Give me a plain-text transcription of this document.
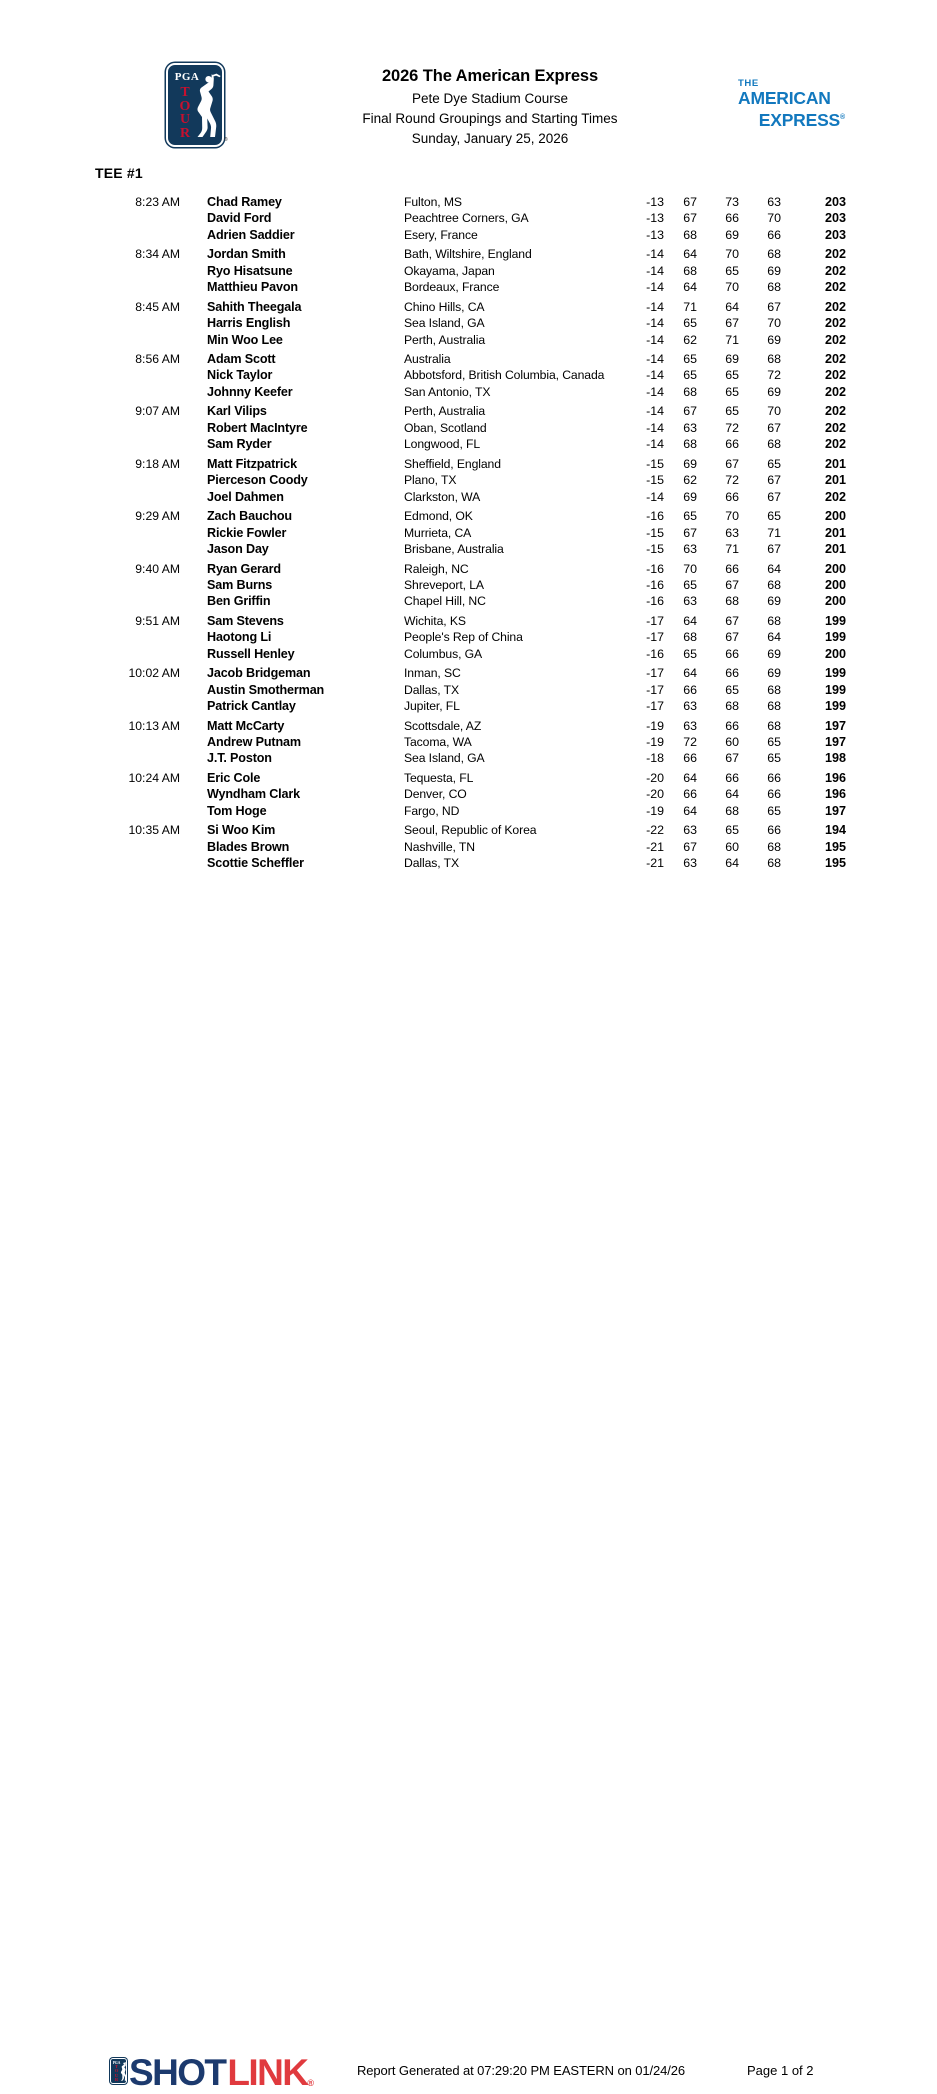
PGA
T
O
U
R	®
2026 The American Express
Pete Dye Stadium Course
Final Round Groupings and Starting Times
Sunday, January 25, 2026
THE
AMERICAN
EXPRESS®
TEE #1
8:23 AM Chad Ramey	Fulton, MS	-13	67	73	63	203
David Ford	Peachtree Corners, GA	-13	67	66	70	203
Adrien Saddier	Esery, France	-13	68	69	66	203
8:34 AM Jordan Smith	Bath, Wiltshire, England	-14	64	70	68	202
Ryo Hisatsune	Okayama, Japan	-14	68	65	69	202
Matthieu Pavon	Bordeaux, France	-14	64	70	68	202
8:45 AM Sahith Theegala	Chino Hills, CA	-14	71	64	67	202
Harris English	Sea Island, GA	-14	65	67	70	202
Min Woo Lee	Perth, Australia	-14	62	71	69	202
8:56 AM Adam Scott	Australia	-14	65	69	68	202
Nick Taylor	Abbotsford, British Columbia, Canada	-14	65	65	72	202
Johnny Keefer	San Antonio, TX	-14	68	65	69	202
9:07 AM Karl Vilips	Perth, Australia	-14	67	65	70	202
Robert MacIntyre	Oban, Scotland	-14	63	72	67	202
Sam Ryder	Longwood, FL	-14	68	66	68	202
9:18 AM Matt Fitzpatrick	Sheffield, England	-15	69	67	65	201
Pierceson Coody	Plano, TX	-15	62	72	67	201
Joel Dahmen	Clarkston, WA	-14	69	66	67	202
9:29 AM Zach Bauchou	Edmond, OK	-16	65	70	65	200
Rickie Fowler	Murrieta, CA	-15	67	63	71	201
Jason Day	Brisbane, Australia	-15	63	71	67	201
9:40 AM Ryan Gerard	Raleigh, NC	-16	70	66	64	200
Sam Burns	Shreveport, LA	-16	65	67	68	200
Ben Griffin	Chapel Hill, NC	-16	63	68	69	200
9:51 AM Sam Stevens	Wichita, KS	-17	64	67	68	199
Haotong Li	People's Rep of China	-17	68	67	64	199
Russell Henley	Columbus, GA	-16	65	66	69	200
10:02 AM Jacob Bridgeman	Inman, SC	-17	64	66	69	199
Austin Smotherman	Dallas, TX	-17	66	65	68	199
Patrick Cantlay	Jupiter, FL	-17	63	68	68	199
10:13 AM Matt McCarty	Scottsdale, AZ	-19	63	66	68	197
Andrew Putnam	Tacoma, WA	-19	72	60	65	197
J.T. Poston	Sea Island, GA	-18	66	67	65	198
10:24 AM Eric Cole	Tequesta, FL	-20	64	66	66	196
Wyndham Clark	Denver, CO	-20	66	64	66	196
Tom Hoge	Fargo, ND	-19	64	68	65	197
10:35 AM Si Woo Kim	Seoul, Republic of Korea	-22	63	65	66	194
Blades Brown	Nashville, TN	-21	67	60	68	195
Scottie Scheffler	Dallas, TX	-21	63	64	68	195
PGA
T
O
U
R SHOTLINK®
Report Generated at 07:29:20 PM EASTERN on 01/24/26	Page 1 of 2
